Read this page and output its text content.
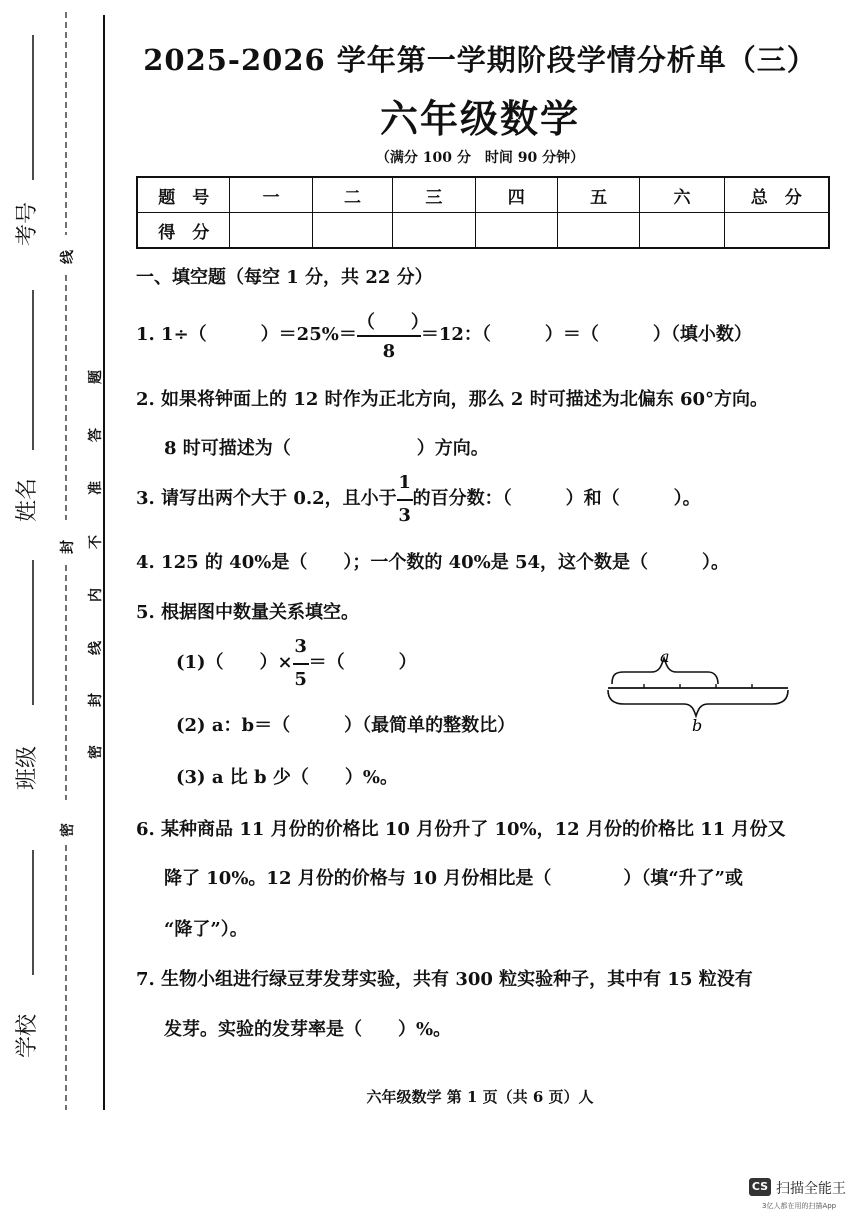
考号
姓名
班级
学校
线
封
密
题
答
准
不
内
线
封
密
2025-2026 学年第一学期阶段学情分析单（三）
六年级数学
（满分 100 分　时间 90 分钟）
题　号	一	二	三	四	五	六	总　分
得　分							
一、填空题（每空 1 分，共 22 分）
1. 1÷（　　　）$=25\%= \frac{( )}{8} =12$：（　　　）＝（　　　）（填小数）
2. 如果将钟面上的 12 时作为正北方向，那么 2 时可描述为北偏东 60°方向。
8 时可描述为（　　　　　　　）方向。
3. 请写出两个大于 0.2，且小于 $\frac{1}{3}$ 的百分数：（　　　）和（　　　）。
4. 125 的 40%是（　　）；一个数的 40%是 54，这个数是（　　　）。
5. 根据图中数量关系填空。
(1)（　　）× $\frac{3}{5}$ ＝（　　　）
(2) a：b＝（　　　）（最简单的整数比）
(3) a 比 b 少（　　）%。
a
b
6. 某种商品 11 月份的价格比 10 月份升了 10%，12 月份的价格比 11 月份又
降了 10%。12 月份的价格与 10 月份相比是（　　　　）（填“升了”或
“降了”）。
7. 生物小组进行绿豆芽发芽实验，共有 300 粒实验种子，其中有 15 粒没有
发芽。实验的发芽率是（　　）%。
六年级数学 第 1 页（共 6 页）人
CS 扫描全能王
3亿人都在用的扫描App
